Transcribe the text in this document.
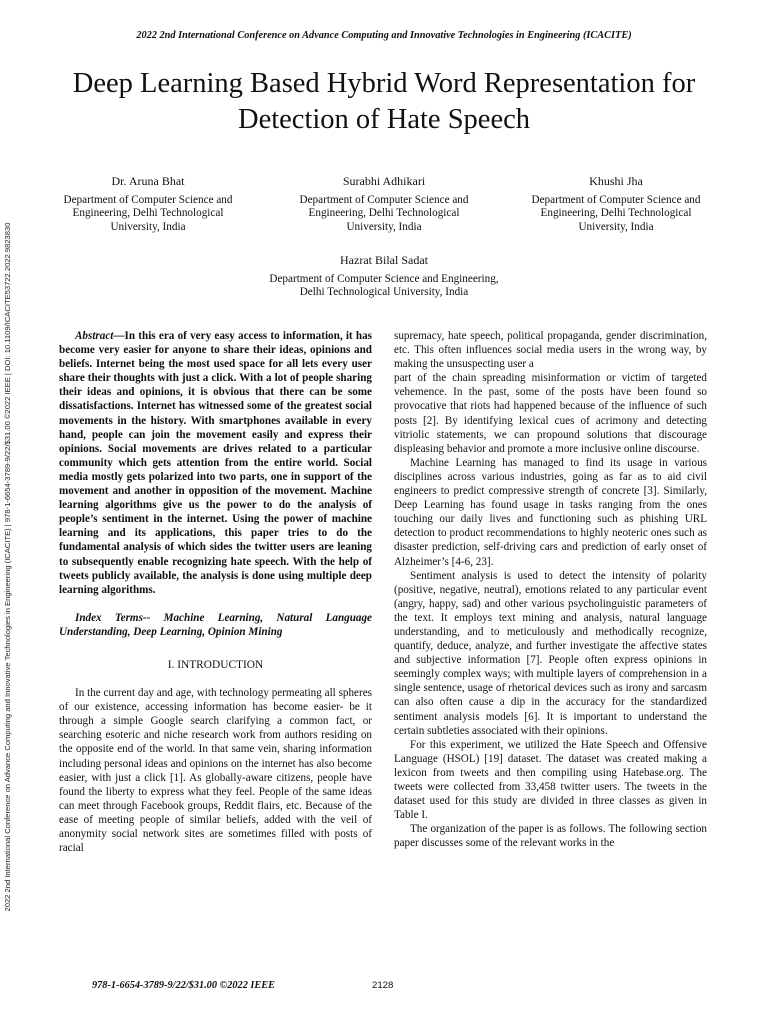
2022 2nd International Conference on Advance Computing and Innovative Technologies in Engineering (ICACITE)
Deep Learning Based Hybrid Word Representation for Detection of Hate Speech
2022 2nd International Conference on Advance Computing and Innovative Technologies in Engineering (ICACITE) | 978-1-6654-3789-9/22/$31.00 ©2022 IEEE | DOI: 10.1109/ICACITE53722.2022.9823830
Dr. Aruna Bhat
Department of Computer Science and Engineering, Delhi Technological University, India
Surabhi Adhikari
Department of Computer Science and Engineering, Delhi Technological University, India
Khushi Jha
Department of Computer Science and Engineering, Delhi Technological University, India
Hazrat Bilal Sadat
Department of Computer Science and Engineering,
Delhi Technological University, India

Abstract—In this era of very easy access to information, it has become very easier for anyone to share their ideas, opinions and beliefs. Internet being the most used space for all lets every user share their thoughts with just a click. With a lot of people sharing their ideas and opinions, it is obvious that there can be some dissatisfactions. Internet has witnessed some of the greatest social movements in the history. With smartphones available in every hand, people can join the movement easily and express their opinions. Social movements are drives related to a particular community which gets attention from the entire world. Social media mostly gets polarized into two parts, one in support of the movement and another in opposition of the movement. Machine learning algorithms give us the power to do the analysis of people’s sentiment in the internet. Using the power of machine learning and its applications, this paper tries to do the fundamental analysis of which sides the twitter users are leaning to subsequently enable recognizing hate speech. With the help of tweets publicly available, the analysis is done using multiple deep learning algorithms.

Index Terms-- Machine Learning, Natural Language Understanding, Deep Learning, Opinion Mining

I. INTRODUCTION

In the current day and age, with technology permeating all spheres of our existence, accessing information has become easier- be it through a simple Google search clarifying a common fact, or searching esoteric and niche research work from authors residing on the opposite end of the world. In that same vein, sharing information including personal ideas and opinions on the internet has also become easier, with just a click [1]. As globally-aware citizens, people have found the liberty to express what they feel. People of the same ideas can meet through Facebook groups, Reddit flairs, etc. Because of the ease of meeting people of similar beliefs, added with the veil of anonymity social network sites are sometimes filled with posts of racial

supremacy, hate speech, political propaganda, gender discrimination, etc. This often influences social media users in the wrong way, by making the unsuspecting user a

part of the chain spreading misinformation or victim of targeted vehemence. In the past, some of the posts have been found so provocative that riots had happened because of the influence of such posts [2]. By identifying lexical cues of acrimony and detecting vitriolic statements, we can propound solutions that discourage displeasing behavior and promote a more inclusive online discourse.

Machine Learning has managed to find its usage in various disciplines across various industries, going as far as to aid civil engineers to predict compressive strength of concrete [3]. Similarly, Deep Learning has found usage in tasks ranging from the ones touching our daily lives and functioning such as phishing URL detection to product recommendations to highly neoteric ones such as disaster prediction, self-driving cars and prediction of early onset of Alzheimer’s [4-6, 23].

Sentiment analysis is used to detect the intensity of polarity (positive, negative, neutral), emotions related to any particular event (angry, happy, sad) and other various psycholinguistic parameters of the text. It employs text mining and analysis, natural language understanding, and to meticulously and methodically recognize, quantify, deduce, analyze, and further investigate the affective states and subjective information [7]. People often express opinions in seemingly complex ways; with multiple layers of comprehension in a single sentence, usage of rhetorical devices such as irony and sarcasm can also often cause a dip in the accuracy for the standardized sentiment analysis models [6]. It is important to understand the certain subtleties associated with their opinions.

For this experiment, we utilized the Hate Speech and Offensive Language (HSOL) [19] dataset. The dataset was created making a lexicon from tweets and then compiling using Hatebase.org. The tweets were collected from 33,458 twitter users. The tweets in the dataset used for this study are divided in three classes as given in Table I.

The organization of the paper is as follows. The following section paper discusses some of the relevant works in the

978-1-6654-3789-9/22/$31.00 ©2022 IEEE	2128
